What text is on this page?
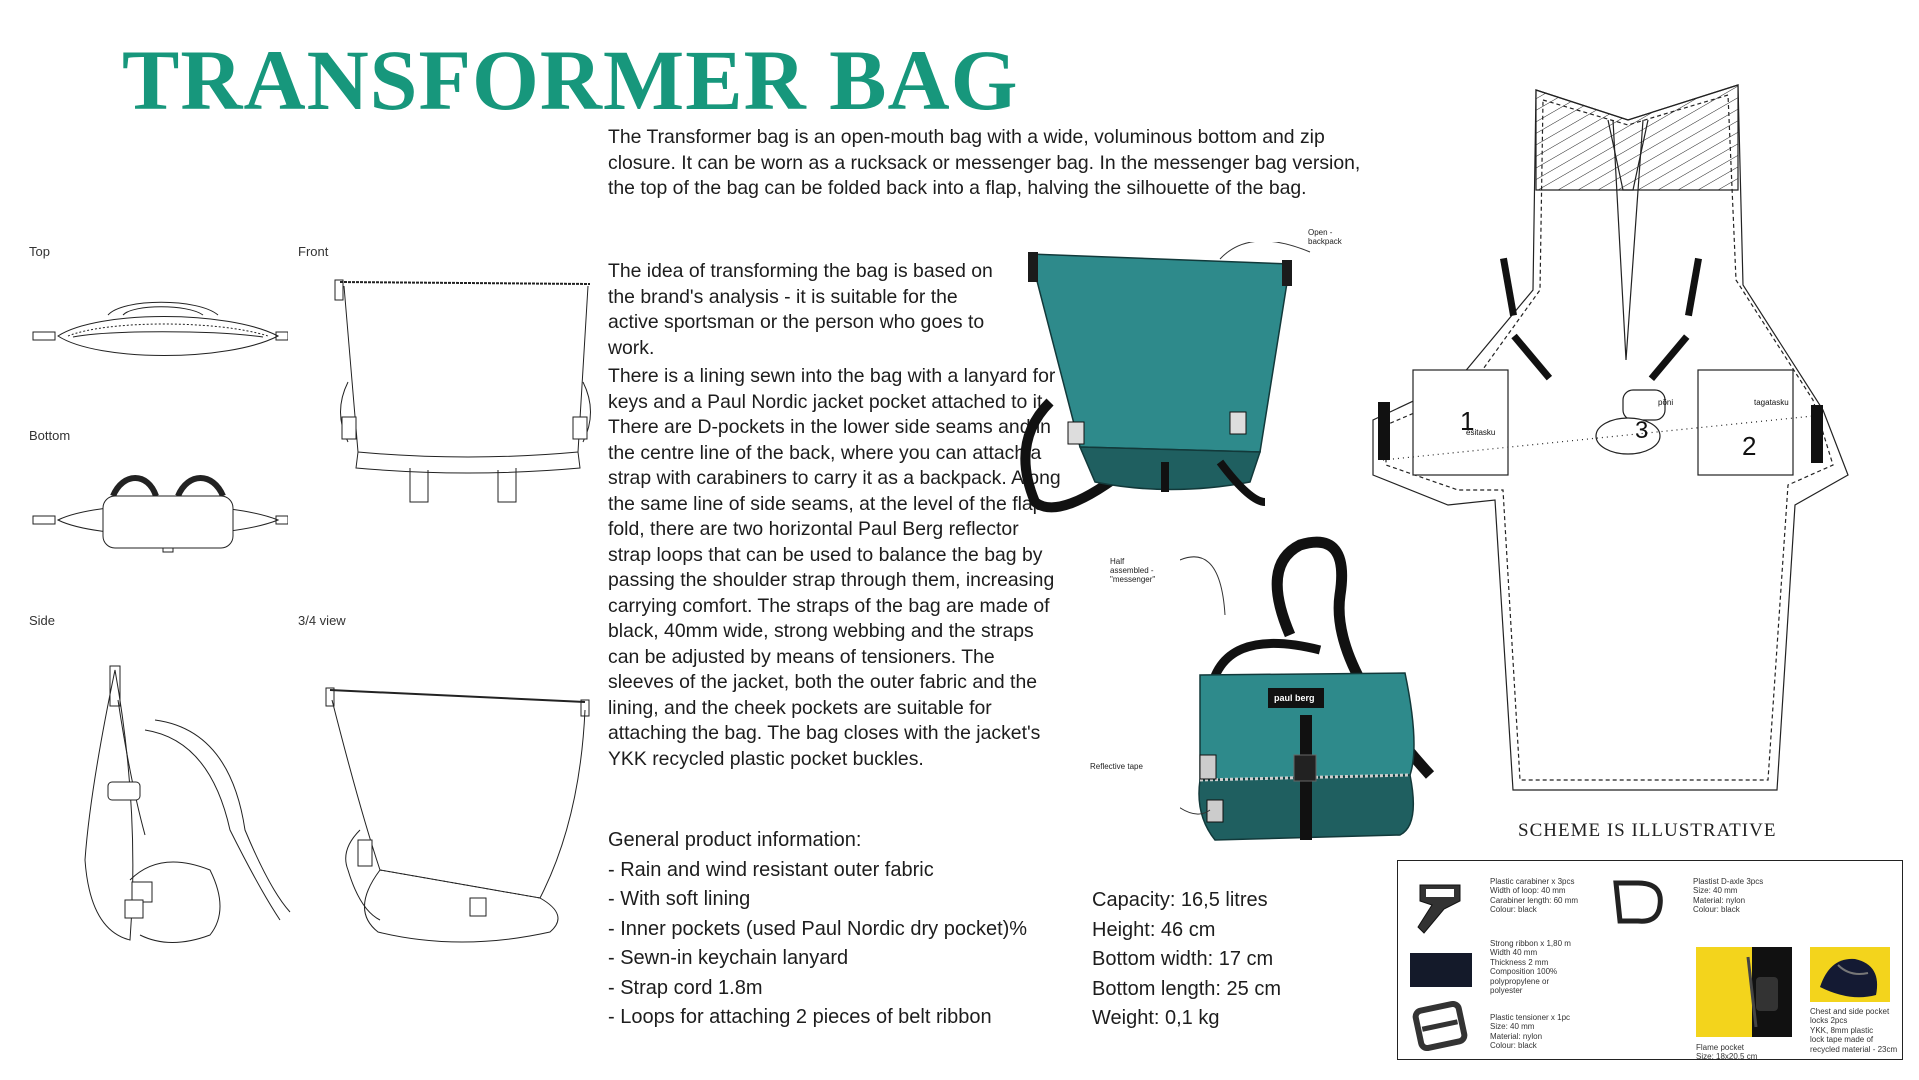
TRANSFORMER BAG

The Transformer bag is an open-mouth bag with a wide, voluminous bottom and zip closure. It can be worn as a rucksack or messenger bag. In the messenger bag version, the top of the bag can be folded back into a flap, halving the silhouette of the bag.

The idea of transforming the bag is based on the brand's analysis - it is suitable for the active sportsman or the person who goes to work.

There is a lining sewn into the bag with a lanyard for keys and a Paul Nordic jacket pocket attached to it. There are D-pockets in the lower side seams and in the centre line of the back, where you can attach a strap with carabiners to carry it as a backpack. Along the same line of side seams, at the level of the flap fold, there are two horizontal Paul Berg reflector strap loops that can be used to balance the bag by passing the shoulder strap through them, increasing carrying comfort. The straps of the bag are made of black, 40mm wide, strong webbing and the straps can be adjusted by means of tensioners. The sleeves of the jacket, both the outer fabric and the lining, and the cheek pockets are suitable for attaching the bag. The bag closes with the jacket's YKK recycled plastic pocket buckles.

Top	Front
Bottom
Side	3/4 view
Open -
backpack
paul berg
Half
assembled -
"messenger"
Reflective tape
1
2
3
esitasku
tagatasku
põni
SCHEME IS ILLUSTRATIVE
General product information:
- Rain and wind resistant outer fabric
- With soft lining
- Inner pockets (used Paul Nordic dry pocket)%
- Sewn-in keychain lanyard
- Strap cord 1.8m
- Loops for attaching 2 pieces of belt ribbon
Capacity: 16,5 litres
Height: 46 cm
Bottom width: 17 cm
Bottom length: 25 cm
Weight: 0,1 kg
Plastic carabiner x 3pcs
Width of loop: 40 mm
Carabiner length: 60 mm
Colour: black
Plastist D-axle 3pcs
Size: 40 mm
Material: nylon
Colour: black
Strong ribbon x 1,80 m
Width 40 mm
Thickness 2 mm
Composition 100%
polypropylene or
polyester
Plastic tensioner x 1pc
Size: 40 mm
Material: nylon
Colour: black	Flame pocket
Size: 18x20,5 cm
Chest and side pocket
locks 2pcs
YKK, 8mm plastic
lock tape made of
recycled material - 23cm
